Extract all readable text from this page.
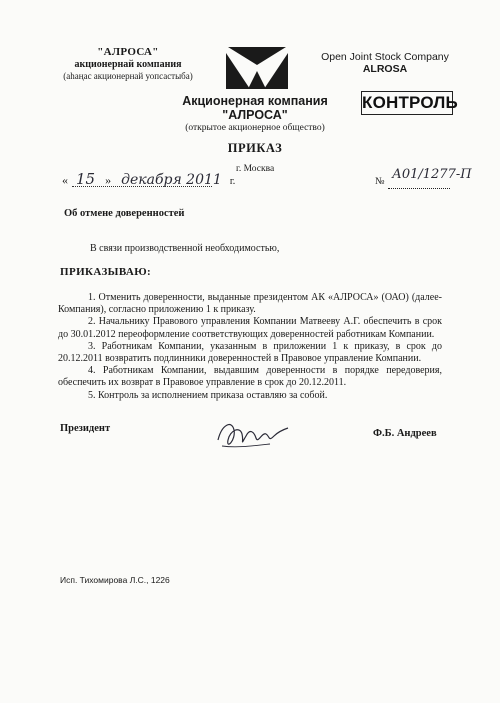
"АЛРОСА"
акционернай компания
(ahaңac акционернай уопсастыба)
Open Joint Stock Company
ALROSA
Акционерная компания "АЛРОСА"
(открытое акционерное общество)
КОНТРОЛЬ
ПРИКАЗ
« 15 » декабря 2011 г.
г. Москва
№ А01/1277-П
Об отмене доверенностей
В связи производственной необходимостью,
ПРИКАЗЫВАЮ:

1. Отменить доверенности, выданные президентом АК «АЛРОСА» (ОАО) (далее-Компания), согласно приложению 1 к приказу.

2. Начальнику Правового управления Компании Матвееву А.Г. обеспечить в срок до 30.01.2012 переоформление соответствующих доверенностей работникам Компании.

3. Работникам Компании, указанным в приложении 1 к приказу, в срок до 20.12.2011 возвратить подлинники доверенностей в Правовое управление Компании.

4. Работникам Компании, выдавшим доверенности в порядке передоверия, обеспечить их возврат в Правовое управление в срок до 20.12.2011.

5. Контроль за исполнением приказа оставляю за собой.

Президент	Ф.Б. Андреев
Исп. Тихомирова Л.С., 1226
